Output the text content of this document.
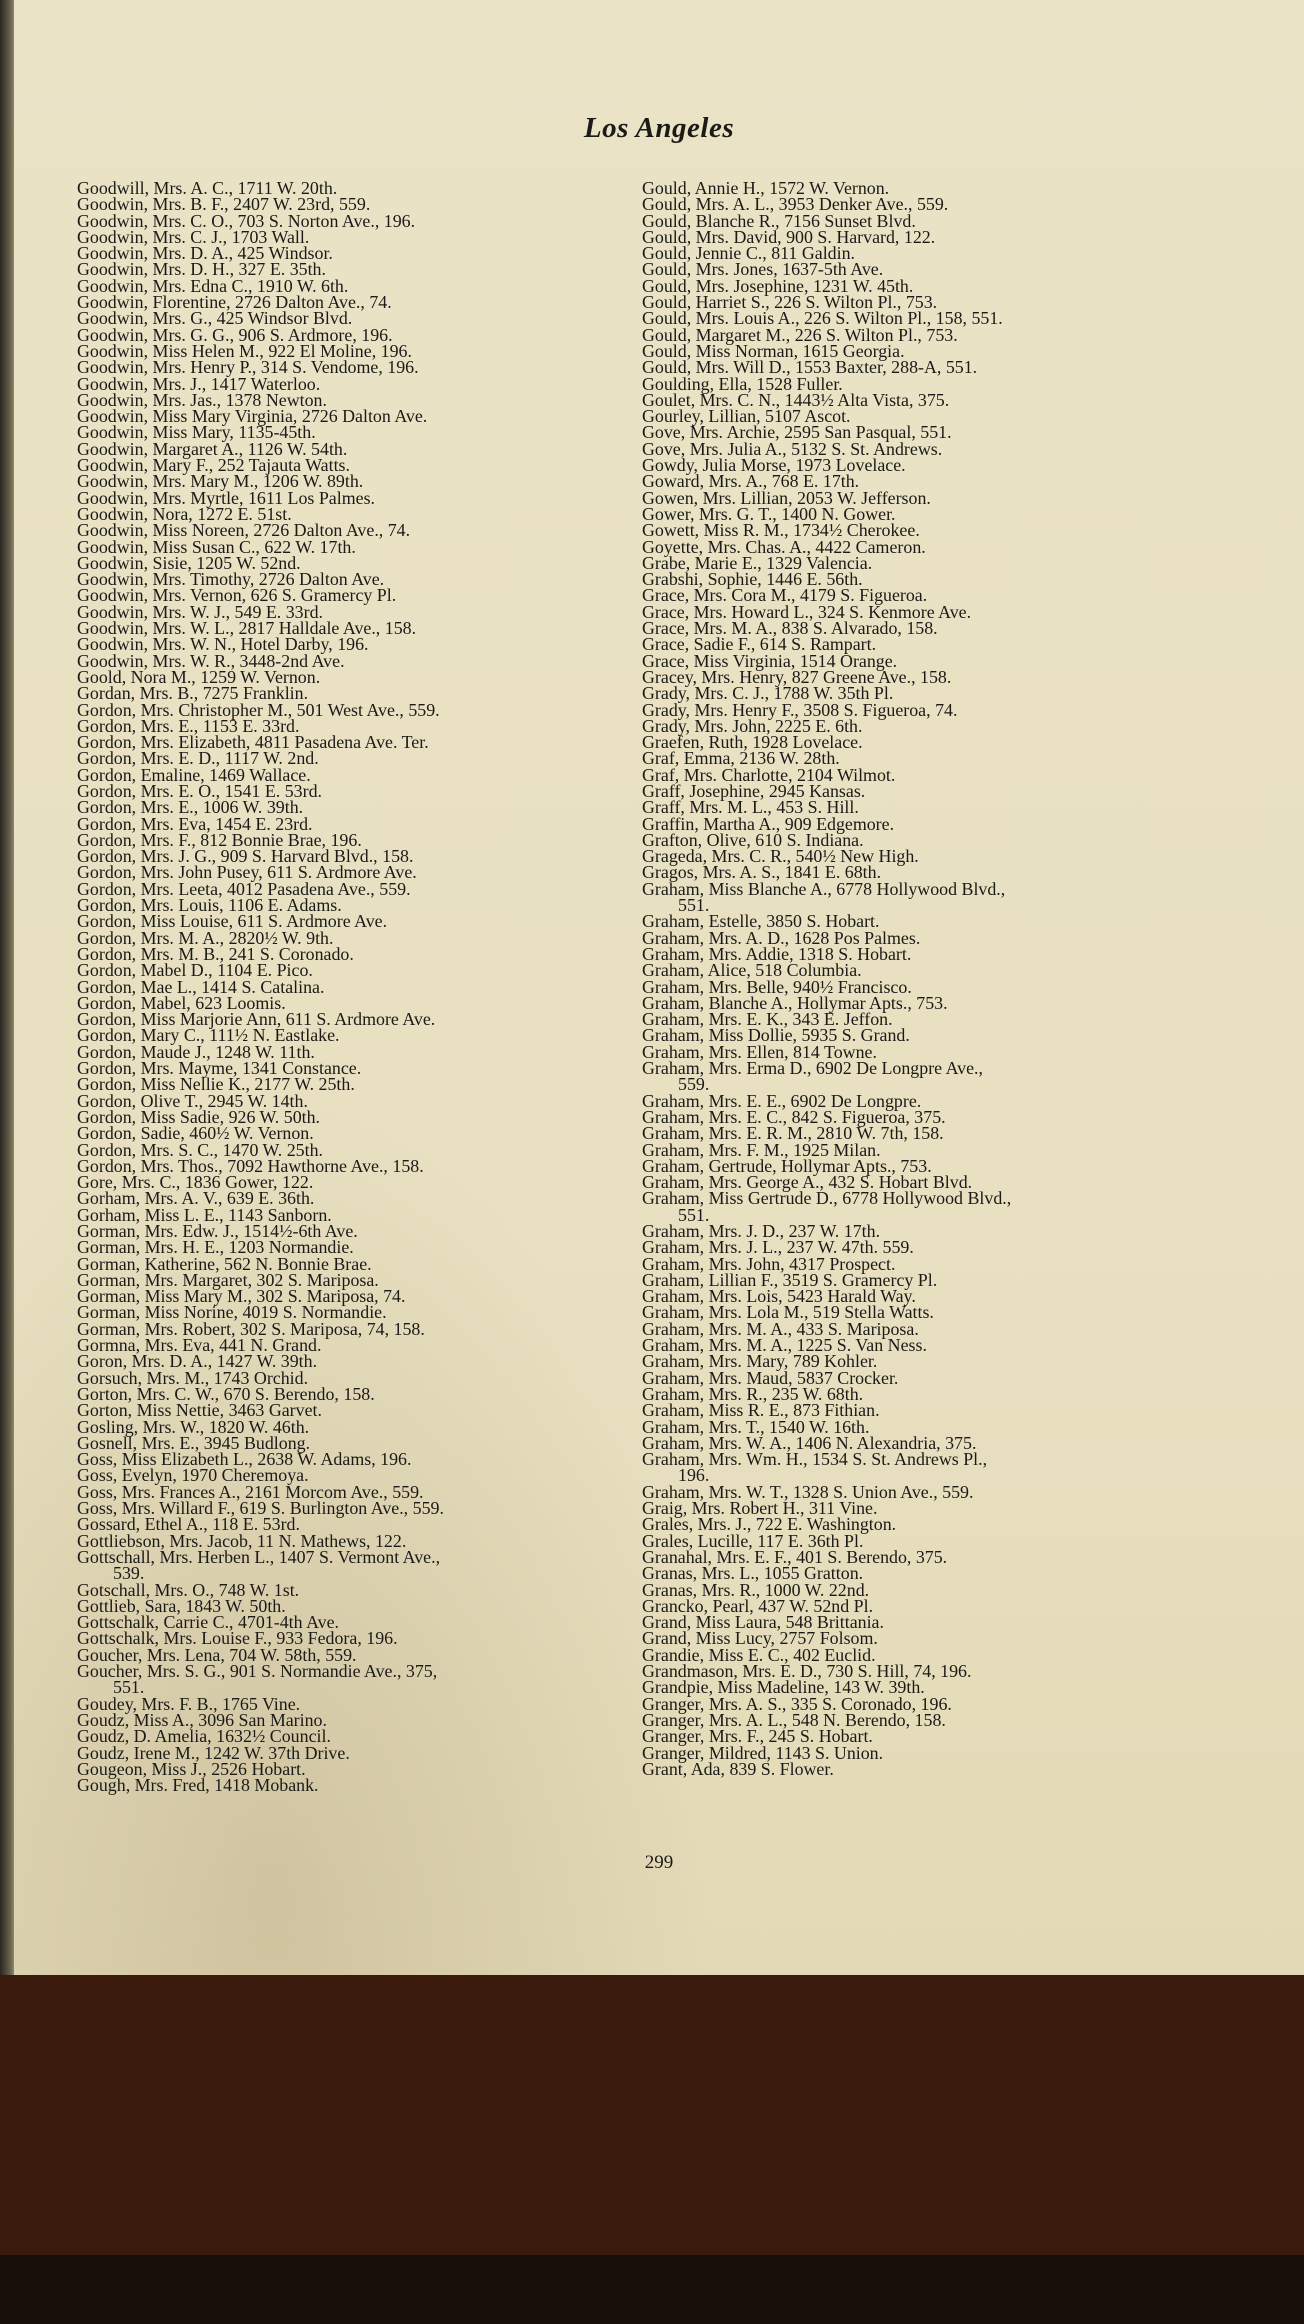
Los Angeles
Goodwill, Mrs. A. C., 1711 W. 20th.
Goodwin, Mrs. B. F., 2407 W. 23rd, 559.
Goodwin, Mrs. C. O., 703 S. Norton Ave., 196.
Goodwin, Mrs. C. J., 1703 Wall.
Goodwin, Mrs. D. A., 425 Windsor.
Goodwin, Mrs. D. H., 327 E. 35th.
Goodwin, Mrs. Edna C., 1910 W. 6th.
Goodwin, Florentine, 2726 Dalton Ave., 74.
Goodwin, Mrs. G., 425 Windsor Blvd.
Goodwin, Mrs. G. G., 906 S. Ardmore, 196.
Goodwin, Miss Helen M., 922 El Moline, 196.
Goodwin, Mrs. Henry P., 314 S. Vendome, 196.
Goodwin, Mrs. J., 1417 Waterloo.
Goodwin, Mrs. Jas., 1378 Newton.
Goodwin, Miss Mary Virginia, 2726 Dalton Ave.
Goodwin, Miss Mary, 1135-45th.
Goodwin, Margaret A., 1126 W. 54th.
Goodwin, Mary F., 252 Tajauta Watts.
Goodwin, Mrs. Mary M., 1206 W. 89th.
Goodwin, Mrs. Myrtle, 1611 Los Palmes.
Goodwin, Nora, 1272 E. 51st.
Goodwin, Miss Noreen, 2726 Dalton Ave., 74.
Goodwin, Miss Susan C., 622 W. 17th.
Goodwin, Sisie, 1205 W. 52nd.
Goodwin, Mrs. Timothy, 2726 Dalton Ave.
Goodwin, Mrs. Vernon, 626 S. Gramercy Pl.
Goodwin, Mrs. W. J., 549 E. 33rd.
Goodwin, Mrs. W. L., 2817 Halldale Ave., 158.
Goodwin, Mrs. W. N., Hotel Darby, 196.
Goodwin, Mrs. W. R., 3448-2nd Ave.
Goold, Nora M., 1259 W. Vernon.
Gordan, Mrs. B., 7275 Franklin.
Gordon, Mrs. Christopher M., 501 West Ave., 559.
Gordon, Mrs. E., 1153 E. 33rd.
Gordon, Mrs. Elizabeth, 4811 Pasadena Ave. Ter.
Gordon, Mrs. E. D., 1117 W. 2nd.
Gordon, Emaline, 1469 Wallace.
Gordon, Mrs. E. O., 1541 E. 53rd.
Gordon, Mrs. E., 1006 W. 39th.
Gordon, Mrs. Eva, 1454 E. 23rd.
Gordon, Mrs. F., 812 Bonnie Brae, 196.
Gordon, Mrs. J. G., 909 S. Harvard Blvd., 158.
Gordon, Mrs. John Pusey, 611 S. Ardmore Ave.
Gordon, Mrs. Leeta, 4012 Pasadena Ave., 559.
Gordon, Mrs. Louis, 1106 E. Adams.
Gordon, Miss Louise, 611 S. Ardmore Ave.
Gordon, Mrs. M. A., 2820½ W. 9th.
Gordon, Mrs. M. B., 241 S. Coronado.
Gordon, Mabel D., 1104 E. Pico.
Gordon, Mae L., 1414 S. Catalina.
Gordon, Mabel, 623 Loomis.
Gordon, Miss Marjorie Ann, 611 S. Ardmore Ave.
Gordon, Mary C., 111½ N. Eastlake.
Gordon, Maude J., 1248 W. 11th.
Gordon, Mrs. Mayme, 1341 Constance.
Gordon, Miss Nellie K., 2177 W. 25th.
Gordon, Olive T., 2945 W. 14th.
Gordon, Miss Sadie, 926 W. 50th.
Gordon, Sadie, 460½ W. Vernon.
Gordon, Mrs. S. C., 1470 W. 25th.
Gordon, Mrs. Thos., 7092 Hawthorne Ave., 158.
Gore, Mrs. C., 1836 Gower, 122.
Gorham, Mrs. A. V., 639 E. 36th.
Gorham, Miss L. E., 1143 Sanborn.
Gorman, Mrs. Edw. J., 1514½-6th Ave.
Gorman, Mrs. H. E., 1203 Normandie.
Gorman, Katherine, 562 N. Bonnie Brae.
Gorman, Mrs. Margaret, 302 S. Mariposa.
Gorman, Miss Mary M., 302 S. Mariposa, 74.
Gorman, Miss Norine, 4019 S. Normandie.
Gorman, Mrs. Robert, 302 S. Mariposa, 74, 158.
Gormna, Mrs. Eva, 441 N. Grand.
Goron, Mrs. D. A., 1427 W. 39th.
Gorsuch, Mrs. M., 1743 Orchid.
Gorton, Mrs. C. W., 670 S. Berendo, 158.
Gorton, Miss Nettie, 3463 Garvet.
Gosling, Mrs. W., 1820 W. 46th.
Gosnell, Mrs. E., 3945 Budlong.
Goss, Miss Elizabeth L., 2638 W. Adams, 196.
Goss, Evelyn, 1970 Cheremoya.
Goss, Mrs. Frances A., 2161 Morcom Ave., 559.
Goss, Mrs. Willard F., 619 S. Burlington Ave., 559.
Gossard, Ethel A., 118 E. 53rd.
Gottliebson, Mrs. Jacob, 11 N. Mathews, 122.
Gottschall, Mrs. Herben L., 1407 S. Vermont Ave.,
539.
Gotschall, Mrs. O., 748 W. 1st.
Gottlieb, Sara, 1843 W. 50th.
Gottschalk, Carrie C., 4701-4th Ave.
Gottschalk, Mrs. Louise F., 933 Fedora, 196.
Goucher, Mrs. Lena, 704 W. 58th, 559.
Goucher, Mrs. S. G., 901 S. Normandie Ave., 375,
551.
Goudey, Mrs. F. B., 1765 Vine.
Goudz, Miss A., 3096 San Marino.
Goudz, D. Amelia, 1632½ Council.
Goudz, Irene M., 1242 W. 37th Drive.
Gougeon, Miss J., 2526 Hobart.
Gough, Mrs. Fred, 1418 Mobank.
Gould, Annie H., 1572 W. Vernon.
Gould, Mrs. A. L., 3953 Denker Ave., 559.
Gould, Blanche R., 7156 Sunset Blvd.
Gould, Mrs. David, 900 S. Harvard, 122.
Gould, Jennie C., 811 Galdin.
Gould, Mrs. Jones, 1637-5th Ave.
Gould, Mrs. Josephine, 1231 W. 45th.
Gould, Harriet S., 226 S. Wilton Pl., 753.
Gould, Mrs. Louis A., 226 S. Wilton Pl., 158, 551.
Gould, Margaret M., 226 S. Wilton Pl., 753.
Gould, Miss Norman, 1615 Georgia.
Gould, Mrs. Will D., 1553 Baxter, 288-A, 551.
Goulding, Ella, 1528 Fuller.
Goulet, Mrs. C. N., 1443½ Alta Vista, 375.
Gourley, Lillian, 5107 Ascot.
Gove, Mrs. Archie, 2595 San Pasqual, 551.
Gove, Mrs. Julia A., 5132 S. St. Andrews.
Gowdy, Julia Morse, 1973 Lovelace.
Goward, Mrs. A., 768 E. 17th.
Gowen, Mrs. Lillian, 2053 W. Jefferson.
Gower, Mrs. G. T., 1400 N. Gower.
Gowett, Miss R. M., 1734½ Cherokee.
Goyette, Mrs. Chas. A., 4422 Cameron.
Grabe, Marie E., 1329 Valencia.
Grabshi, Sophie, 1446 E. 56th.
Grace, Mrs. Cora M., 4179 S. Figueroa.
Grace, Mrs. Howard L., 324 S. Kenmore Ave.
Grace, Mrs. M. A., 838 S. Alvarado, 158.
Grace, Sadie F., 614 S. Rampart.
Grace, Miss Virginia, 1514 Orange.
Gracey, Mrs. Henry, 827 Greene Ave., 158.
Grady, Mrs. C. J., 1788 W. 35th Pl.
Grady, Mrs. Henry F., 3508 S. Figueroa, 74.
Grady, Mrs. John, 2225 E. 6th.
Graefen, Ruth, 1928 Lovelace.
Graf, Emma, 2136 W. 28th.
Graf, Mrs. Charlotte, 2104 Wilmot.
Graff, Josephine, 2945 Kansas.
Graff, Mrs. M. L., 453 S. Hill.
Graffin, Martha A., 909 Edgemore.
Grafton, Olive, 610 S. Indiana.
Grageda, Mrs. C. R., 540½ New High.
Gragos, Mrs. A. S., 1841 E. 68th.
Graham, Miss Blanche A., 6778 Hollywood Blvd.,
551.
Graham, Estelle, 3850 S. Hobart.
Graham, Mrs. A. D., 1628 Pos Palmes.
Graham, Mrs. Addie, 1318 S. Hobart.
Graham, Alice, 518 Columbia.
Graham, Mrs. Belle, 940½ Francisco.
Graham, Blanche A., Hollymar Apts., 753.
Graham, Mrs. E. K., 343 E. Jeffon.
Graham, Miss Dollie, 5935 S. Grand.
Graham, Mrs. Ellen, 814 Towne.
Graham, Mrs. Erma D., 6902 De Longpre Ave.,
559.
Graham, Mrs. E. E., 6902 De Longpre.
Graham, Mrs. E. C., 842 S. Figueroa, 375.
Graham, Mrs. E. R. M., 2810 W. 7th, 158.
Graham, Mrs. F. M., 1925 Milan.
Graham, Gertrude, Hollymar Apts., 753.
Graham, Mrs. George A., 432 S. Hobart Blvd.
Graham, Miss Gertrude D., 6778 Hollywood Blvd.,
551.
Graham, Mrs. J. D., 237 W. 17th.
Graham, Mrs. J. L., 237 W. 47th. 559.
Graham, Mrs. John, 4317 Prospect.
Graham, Lillian F., 3519 S. Gramercy Pl.
Graham, Mrs. Lois, 5423 Harald Way.
Graham, Mrs. Lola M., 519 Stella Watts.
Graham, Mrs. M. A., 433 S. Mariposa.
Graham, Mrs. M. A., 1225 S. Van Ness.
Graham, Mrs. Mary, 789 Kohler.
Graham, Mrs. Maud, 5837 Crocker.
Graham, Mrs. R., 235 W. 68th.
Graham, Miss R. E., 873 Fithian.
Graham, Mrs. T., 1540 W. 16th.
Graham, Mrs. W. A., 1406 N. Alexandria, 375.
Graham, Mrs. Wm. H., 1534 S. St. Andrews Pl.,
196.
Graham, Mrs. W. T., 1328 S. Union Ave., 559.
Graig, Mrs. Robert H., 311 Vine.
Grales, Mrs. J., 722 E. Washington.
Grales, Lucille, 117 E. 36th Pl.
Granahal, Mrs. E. F., 401 S. Berendo, 375.
Granas, Mrs. L., 1055 Gratton.
Granas, Mrs. R., 1000 W. 22nd.
Grancko, Pearl, 437 W. 52nd Pl.
Grand, Miss Laura, 548 Brittania.
Grand, Miss Lucy, 2757 Folsom.
Grandie, Miss E. C., 402 Euclid.
Grandmason, Mrs. E. D., 730 S. Hill, 74, 196.
Grandpie, Miss Madeline, 143 W. 39th.
Granger, Mrs. A. S., 335 S. Coronado, 196.
Granger, Mrs. A. L., 548 N. Berendo, 158.
Granger, Mrs. F., 245 S. Hobart.
Granger, Mildred, 1143 S. Union.
Grant, Ada, 839 S. Flower.
299
